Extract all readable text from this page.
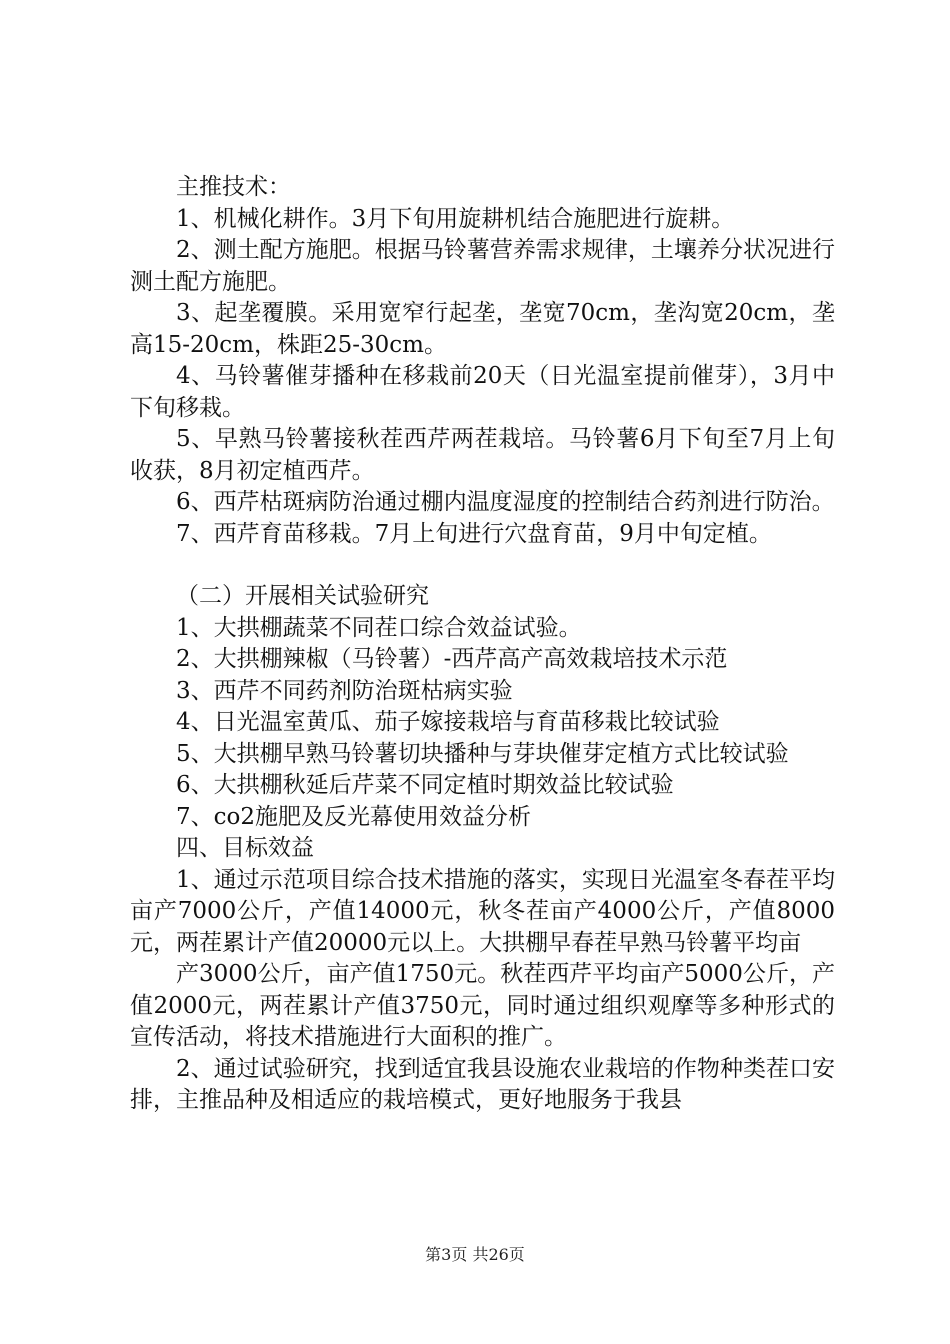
主推技术：

1、机械化耕作。3月下旬用旋耕机结合施肥进行旋耕。

2、测土配方施肥。根据马铃薯营养需求规律，土壤养分状况进行测土配方施肥。

3、起垄覆膜。采用宽窄行起垄，垄宽70cm，垄沟宽20cm，垄高15-20cm，株距25-30cm。

4、马铃薯催芽播种在移栽前20天（日光温室提前催芽），3月中下旬移栽。

5、早熟马铃薯接秋茬西芹两茬栽培。马铃薯6月下旬至7月上旬收获，8月初定植西芹。

6、西芹枯斑病防治通过棚内温度湿度的控制结合药剂进行防治。

7、西芹育苗移栽。7月上旬进行穴盘育苗，9月中旬定植。

（二）开展相关试验研究

1、大拱棚蔬菜不同茬口综合效益试验。

2、大拱棚辣椒（马铃薯）-西芹高产高效栽培技术示范

3、西芹不同药剂防治斑枯病实验

4、日光温室黄瓜、茄子嫁接栽培与育苗移栽比较试验

5、大拱棚早熟马铃薯切块播种与芽块催芽定植方式比较试验

6、大拱棚秋延后芹菜不同定植时期效益比较试验

7、co2施肥及反光幕使用效益分析

四、目标效益

1、通过示范项目综合技术措施的落实，实现日光温室冬春茬平均亩产7000公斤，产值14000元，秋冬茬亩产4000公斤，产值8000元，两茬累计产值20000元以上。大拱棚早春茬早熟马铃薯平均亩

产3000公斤，亩产值1750元。秋茬西芹平均亩产5000公斤，产值2000元，两茬累计产值3750元，同时通过组织观摩等多种形式的宣传活动，将技术措施进行大面积的推广。

2、通过试验研究，找到适宜我县设施农业栽培的作物种类茬口安排，主推品种及相适应的栽培模式，更好地服务于我县

第3页 共26页
